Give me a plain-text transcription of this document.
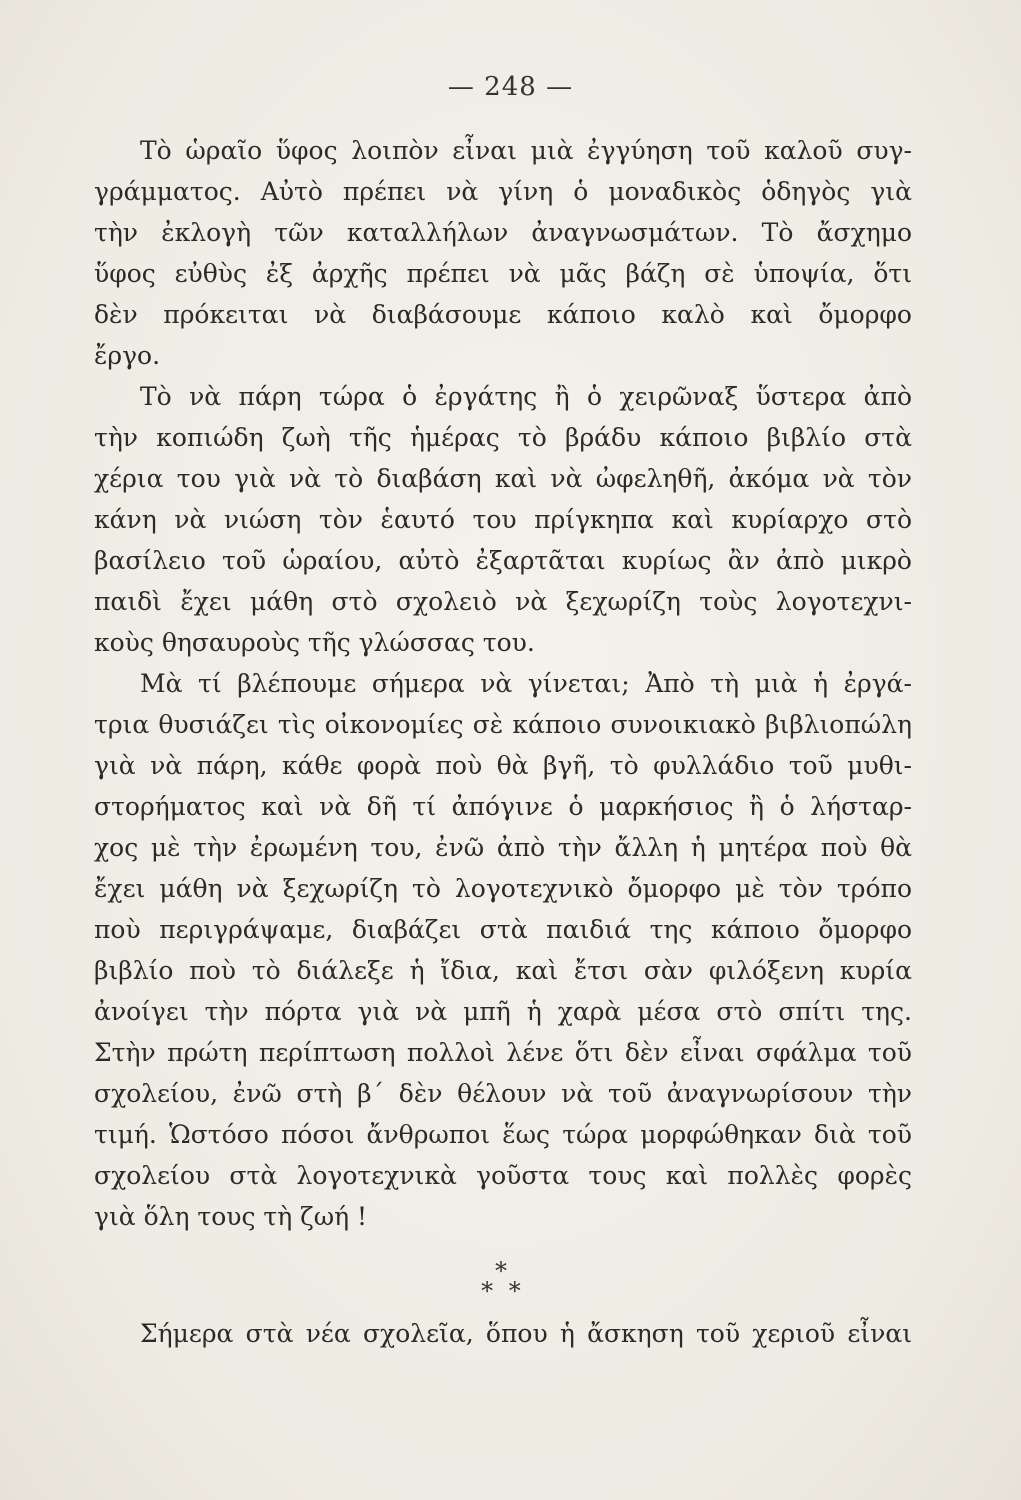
— 248 —
Τὸ ὡραῖο ὕφος λοιπὸν εἶναι μιὰ ἐγγύηση τοῦ καλοῦ συγ-
γράμματος. Αὐτὸ πρέπει νὰ γίνη ὁ μοναδικὸς ὁδηγὸς γιὰ
τὴν ἐκλογὴ τῶν καταλλήλων ἀναγνωσμάτων. Τὸ ἄσχημο
ὕφος εὐθὺς ἐξ ἀρχῆς πρέπει νὰ μᾶς βάζη σὲ ὑποψία, ὅτι
δὲν πρόκειται νὰ διαβάσουμε κάποιο καλὸ καὶ ὄμορφο
ἔργο.
Τὸ νὰ πάρη τώρα ὁ ἐργάτης ἢ ὁ χειρῶναξ ὕστερα ἀπὸ
τὴν κοπιώδη ζωὴ τῆς ἡμέρας τὸ βράδυ κάποιο βιβλίο στὰ
χέρια του γιὰ νὰ τὸ διαβάση καὶ νὰ ὠφεληθῆ, ἀκόμα νὰ τὸν
κάνη νὰ νιώση τὸν ἑαυτό του πρίγκηπα καὶ κυρίαρχο στὸ
βασίλειο τοῦ ὡραίου, αὐτὸ ἐξαρτᾶται κυρίως ἂν ἀπὸ μικρὸ
παιδὶ ἔχει μάθη στὸ σχολειὸ νὰ ξεχωρίζη τοὺς λογοτεχνι-
κοὺς θησαυροὺς τῆς γλώσσας του.
Μὰ τί βλέπουμε σήμερα νὰ γίνεται; Ἀπὸ τὴ μιὰ ἡ ἐργά-
τρια θυσιάζει τὶς οἰκονομίες σὲ κάποιο συνοικιακὸ βιβλιοπώλη
γιὰ νὰ πάρη, κάθε φορὰ ποὺ θὰ βγῆ, τὸ φυλλάδιο τοῦ μυθι-
στορήματος καὶ νὰ δῆ τί ἀπόγινε ὁ μαρκήσιος ἢ ὁ λήσταρ-
χος μὲ τὴν ἐρωμένη του, ἐνῶ ἀπὸ τὴν ἄλλη ἡ μητέρα ποὺ θὰ
ἔχει μάθη νὰ ξεχωρίζη τὸ λογοτεχνικὸ ὄμορφο μὲ τὸν τρόπο
ποὺ περιγράψαμε, διαβάζει στὰ παιδιά της κάποιο ὄμορφο
βιβλίο ποὺ τὸ διάλεξε ἡ ἴδια, καὶ ἔτσι σὰν φιλόξενη κυρία
ἀνοίγει τὴν πόρτα γιὰ νὰ μπῆ ἡ χαρὰ μέσα στὸ σπίτι της.
Στὴν πρώτη περίπτωση πολλοὶ λένε ὅτι δὲν εἶναι σφάλμα τοῦ
σχολείου, ἐνῶ στὴ β΄ δὲν θέλουν νὰ τοῦ ἀναγνωρίσουν τὴν
τιμή. Ὡστόσο πόσοι ἄνθρωποι ἕως τώρα μορφώθηκαν διὰ τοῦ
σχολείου στὰ λογοτεχνικὰ γοῦστα τους καὶ πολλὲς φορὲς
γιὰ ὅλη τους τὴ ζωή !
*
* *
Σήμερα στὰ νέα σχολεῖα, ὅπου ἡ ἄσκηση τοῦ χεριοῦ εἶναι
